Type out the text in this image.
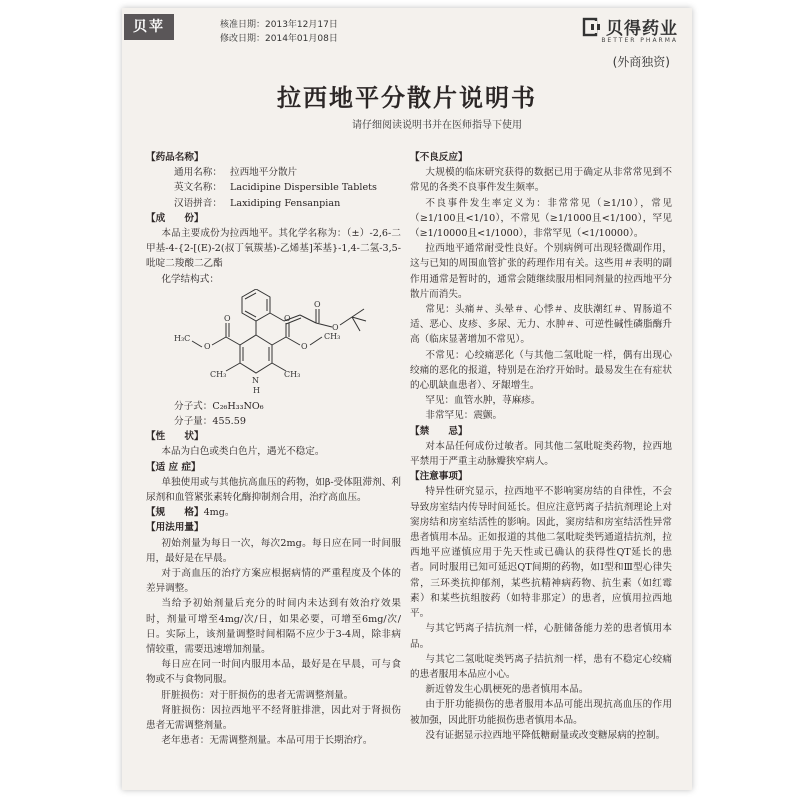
贝苹	核准日期：2013年12月17日
修改日期：2014年01月08日	贝得药业
BETTER PHARMA
(外商独资)
拉西地平分散片说明书
请仔细阅读说明书并在医师指导下使用

【药品名称】

通用名称： 拉西地平分散片
英文名称： Lacidipine Dispersible Tablets
汉语拼音： Laxidiping Fensanpian

【成　　份】

本品主要成份为拉西地平。其化学名称为：（±）-2,6-二甲基-4-{2-[(E)-2(叔丁氧羰基)-乙烯基]苯基}-1,4-二氢-3,5-吡啶二羧酸二乙酯

化学结构式：

O
O
O
O
H₃C
O
O
CH₃
CH₃	CH₃
N
H
分子式：C₂₆H₃₃NO₆
分子量：455.59

【性　　状】

本品为白色或类白色片，遇光不稳定。

【适 应 症】

单独使用或与其他抗高血压的药物，如β-受体阻滞剂、利尿剂和血管紧张素转化酶抑制剂合用，治疗高血压。

【规　　格】4mg。

【用法用量】

初始剂量为每日一次，每次2mg。每日应在同一时间服用，最好是在早晨。

对于高血压的治疗方案应根据病情的严重程度及个体的差异调整。

当给予初始剂量后充分的时间内未达到有效治疗效果时，剂量可增至4mg/次/日，如果必要，可增至6mg/次/日。实际上，该剂量调整时间相隔不应少于3-4周，除非病情较重，需要迅速增加剂量。

每日应在同一时间内服用本品，最好是在早晨，可与食物或不与食物同服。

肝脏损伤：对于肝损伤的患者无需调整剂量。

肾脏损伤：因拉西地平不经肾脏排泄，因此对于肾损伤患者无需调整剂量。

老年患者：无需调整剂量。本品可用于长期治疗。

【不良反应】

大规模的临床研究获得的数据已用于确定从非常常见到不常见的各类不良事件发生频率。

不良事件发生率定义为：非常常见（≥1/10），常见（≥1/100且<1/10），不常见（≥1/1000且<1/100），罕见（≥1/10000且<1/1000），非常罕见（<1/10000）。

拉西地平通常耐受性良好。个别病例可出现轻微副作用，这与已知的周围血管扩张的药理作用有关。这些用＃表明的副作用通常是暂时的，通常会随继续服用相同剂量的拉西地平分散片而消失。

常见：头痛＃、头晕＃、心悸＃、皮肤潮红＃、胃肠道不适、恶心、皮疹、多尿、无力、水肿＃、可逆性碱性磷脂酶升高（临床显著增加不常见）。

不常见：心绞痛恶化（与其他二氢吡啶一样，偶有出现心绞痛的恶化的报道，特别是在治疗开始时。最易发生在有症状的心肌缺血患者）、牙龈增生。

罕见：血管水肿，荨麻疹。

非常罕见：震颤。

【禁　　忌】

对本品任何成份过敏者。同其他二氢吡啶类药物，拉西地平禁用于严重主动脉瓣狭窄病人。

【注意事项】

特异性研究显示，拉西地平不影响窦房结的自律性，不会导致房室结内传导时间延长。但应注意钙离子拮抗剂理论上对窦房结和房室结活性的影响。因此，窦房结和房室结活性异常患者慎用本品。正如报道的其他二氢吡啶类钙通道拮抗剂，拉西地平应谨慎应用于先天性或已确认的获得性QT延长的患者。同时服用已知可延迟QT间期的药物，如Ⅰ型和Ⅲ型心律失常，三环类抗抑郁剂，某些抗精神病药物、抗生素（如红霉素）和某些抗组胺药（如特非那定）的患者，应慎用拉西地平。

与其它钙离子拮抗剂一样，心脏储备能力差的患者慎用本品。

与其它二氢吡啶类钙离子拮抗剂一样，患有不稳定心绞痛的患者服用本品应小心。

新近曾发生心肌梗死的患者慎用本品。

由于肝功能损伤的患者服用本品可能出现抗高血压的作用被加强，因此肝功能损伤患者慎用本品。

没有证据显示拉西地平降低糖耐量或改变糖尿病的控制。
